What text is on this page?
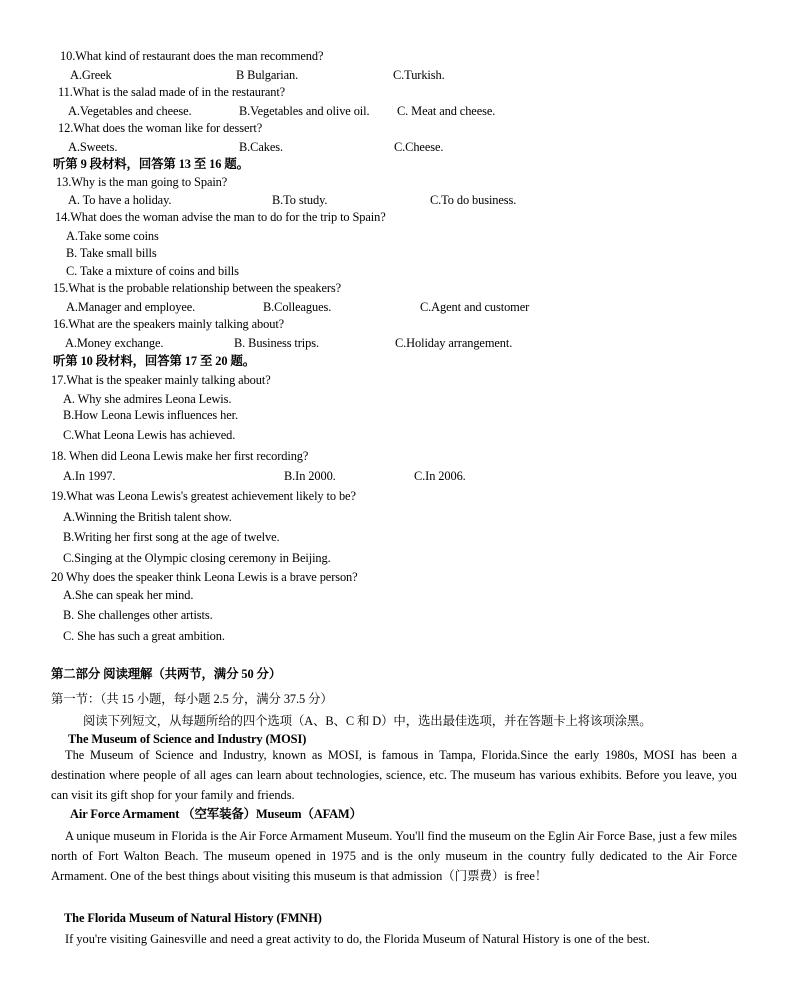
10.What kind of restaurant does the man recommend?
A.Greek	B Bulgarian.	C.Turkish.
11.What is the salad made of in the restaurant?
A.Vegetables and cheese.	B.Vegetables and olive oil. C. Meat and cheese.
12.What does the woman like for dessert?
A.Sweets.	B.Cakes.	C.Cheese.
听第 9 段材料，回答第 13 至 16 题。
13.Why is the man going to Spain?
A. To have a holiday.	B.To study.	C.To do business.
14.What does the woman advise the man to do for the trip to Spain?
A.Take some coins
B. Take small bills
C. Take a mixture of coins and bills
15.What is the probable relationship between the speakers?
A.Manager and employee.	B.Colleagues.	C.Agent and customer
16.What are the speakers mainly talking about?
A.Money exchange.	B. Business trips.	C.Holiday arrangement.
听第 10 段材料，回答第 17 至 20 题。
17.What is the speaker mainly talking about?
A. Why she admires Leona Lewis.
B.How Leona Lewis influences her.
C.What Leona Lewis has achieved.
18. When did Leona Lewis make her first recording?
A.In 1997.	B.In 2000.	C.In 2006.
19.What was Leona Lewis's greatest achievement likely to be?
A.Winning the British talent show.
B.Writing her first song at the age of twelve.
C.Singing at the Olympic closing ceremony in Beijing.
20 Why does the speaker think Leona Lewis is a brave person?
A.She can speak her mind.
B. She challenges other artists.
C. She has such a great ambition.
第二部分 阅读理解（共两节，满分 50 分）
第一节：（共 15 小题，每小题 2.5 分，满分 37.5 分）
阅读下列短文，从每题所给的四个选项（A、B、C 和 D）中，选出最佳选项，并在答题卡上将该项涂黑。
The Museum of Science and Industry (MOSI)
The Museum of Science and Industry, known as MOSI, is famous in Tampa, Florida.Since the early 1980s, MOSI has been a destination where people of all ages can learn about technologies, science, etc. The museum has various exhibits. Before you leave, you can visit its gift shop for your family and friends.
Air Force Armament （空军装备）Museum（AFAM）
A unique museum in Florida is the Air Force Armament Museum. You'll find the museum on the Eglin Air Force Base, just a few miles north of Fort Walton Beach. The museum opened in 1975 and is the only museum in the country fully dedicated to the Air Force Armament. One of the best things about visiting this museum is that admission（门票费）is free！
The Florida Museum of Natural History (FMNH)
If you're visiting Gainesville and need a great activity to do, the Florida Museum of Natural History is one of the best.
